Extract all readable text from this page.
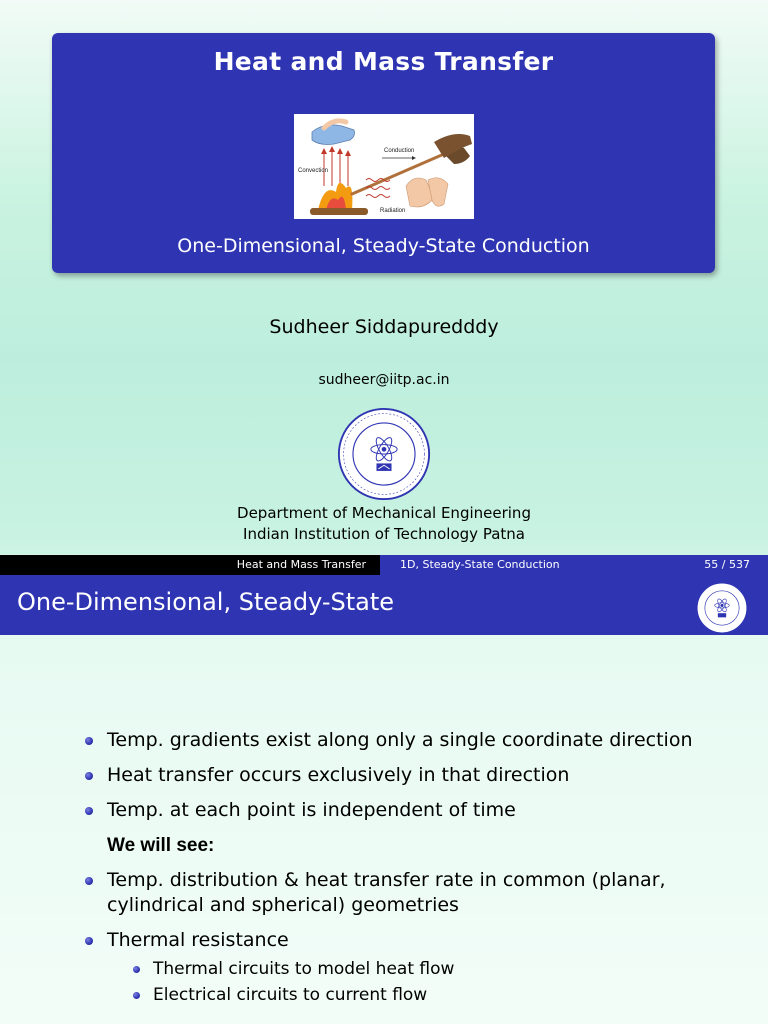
Heat and Mass Transfer
Convection
Conduction
Radiation
One-Dimensional, Steady-State Conduction
Sudheer Siddapuredddy
sudheer@iitp.ac.in
Department of Mechanical Engineering
Indian Institution of Technology Patna
Heat and Mass Transfer	1D, Steady-State Conduction	55 / 537
One-Dimensional, Steady-State
Temp. gradients exist along only a single coordinate direction
Heat transfer occurs exclusively in that direction
Temp. at each point is independent of time
We will see:
Temp. distribution & heat transfer rate in common (planar, cylindrical and spherical) geometries
Thermal resistance
Thermal circuits to model heat flow
Electrical circuits to current flow
